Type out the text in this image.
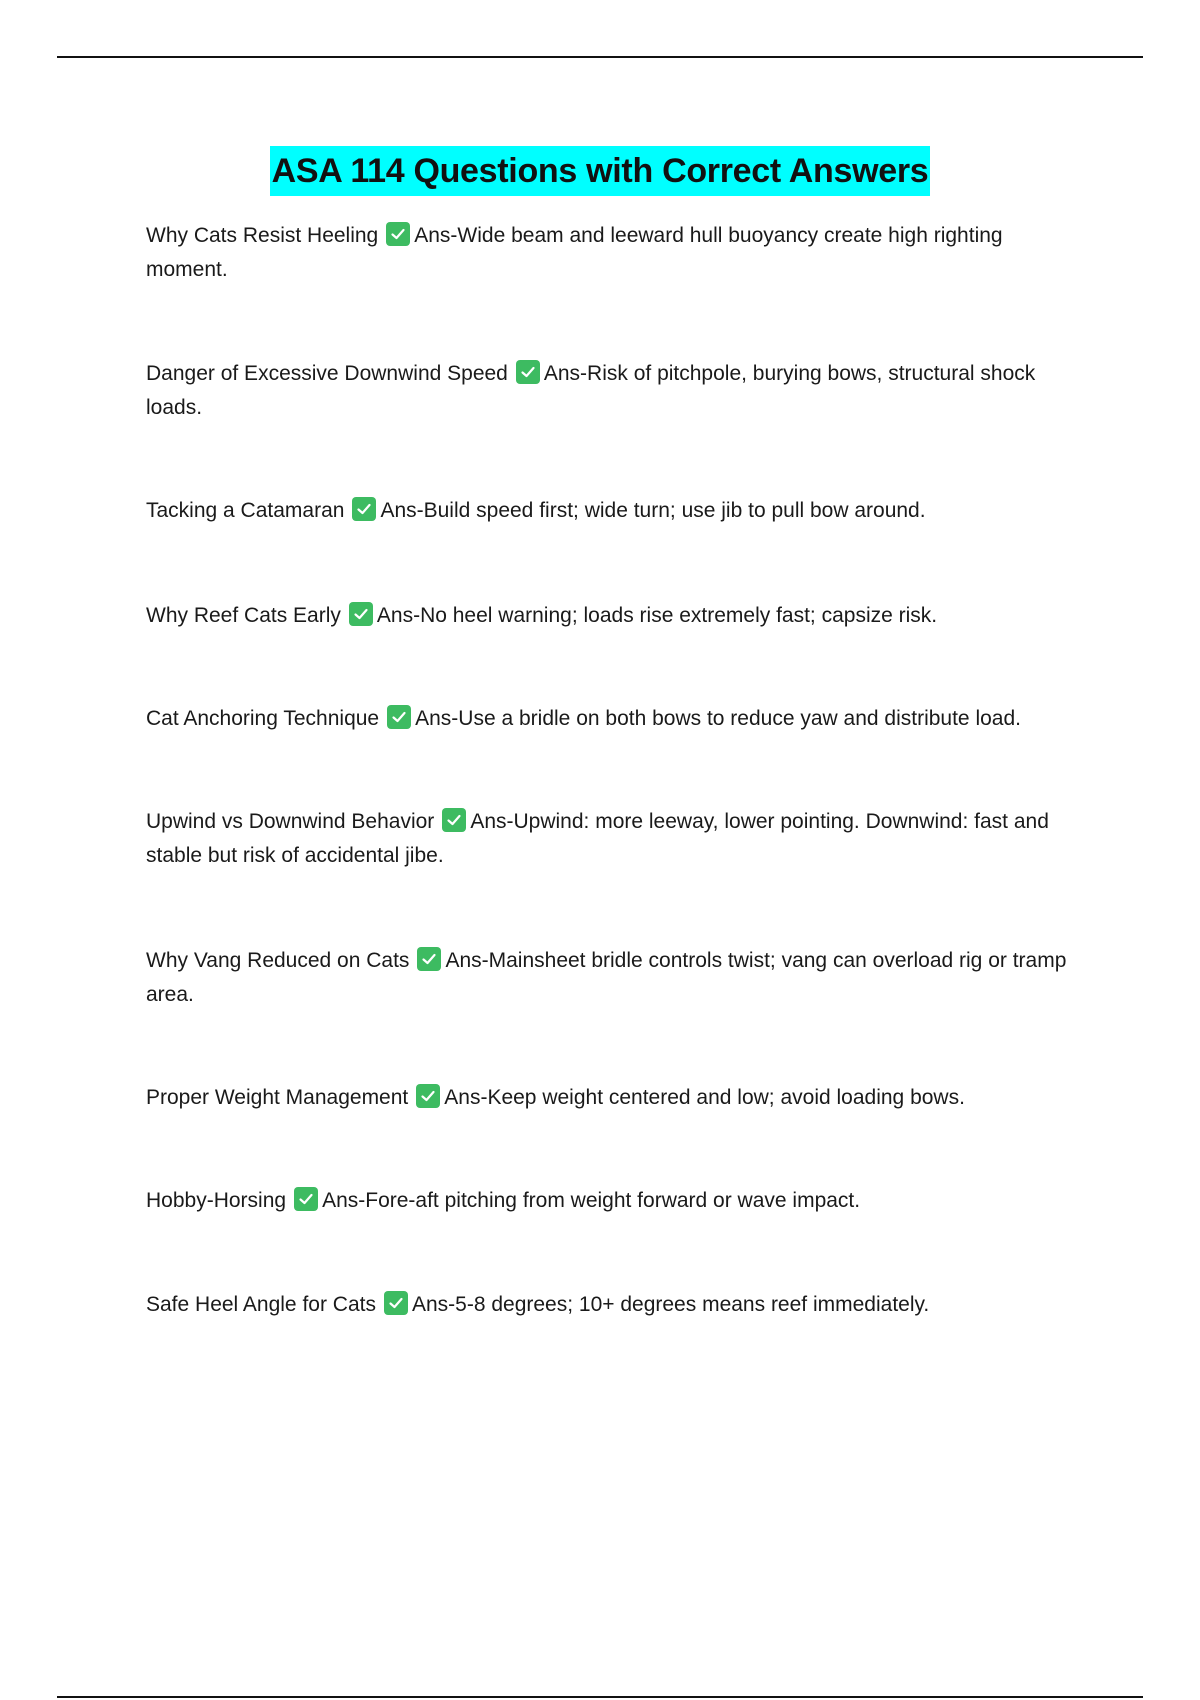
ASA 114 Questions with Correct Answers
Why Cats Resist Heeling Ans-Wide beam and leeward hull buoyancy create high righting moment.
Danger of Excessive Downwind Speed Ans-Risk of pitchpole, burying bows, structural shock loads.
Tacking a Catamaran Ans-Build speed first; wide turn; use jib to pull bow around.
Why Reef Cats Early Ans-No heel warning; loads rise extremely fast; capsize risk.
Cat Anchoring Technique Ans-Use a bridle on both bows to reduce yaw and distribute load.
Upwind vs Downwind Behavior Ans-Upwind: more leeway, lower pointing. Downwind: fast and stable but risk of accidental jibe.
Why Vang Reduced on Cats Ans-Mainsheet bridle controls twist; vang can overload rig or tramp area.
Proper Weight Management Ans-Keep weight centered and low; avoid loading bows.
Hobby-Horsing Ans-Fore-aft pitching from weight forward or wave impact.
Safe Heel Angle for Cats Ans-5-8 degrees; 10+ degrees means reef immediately.
